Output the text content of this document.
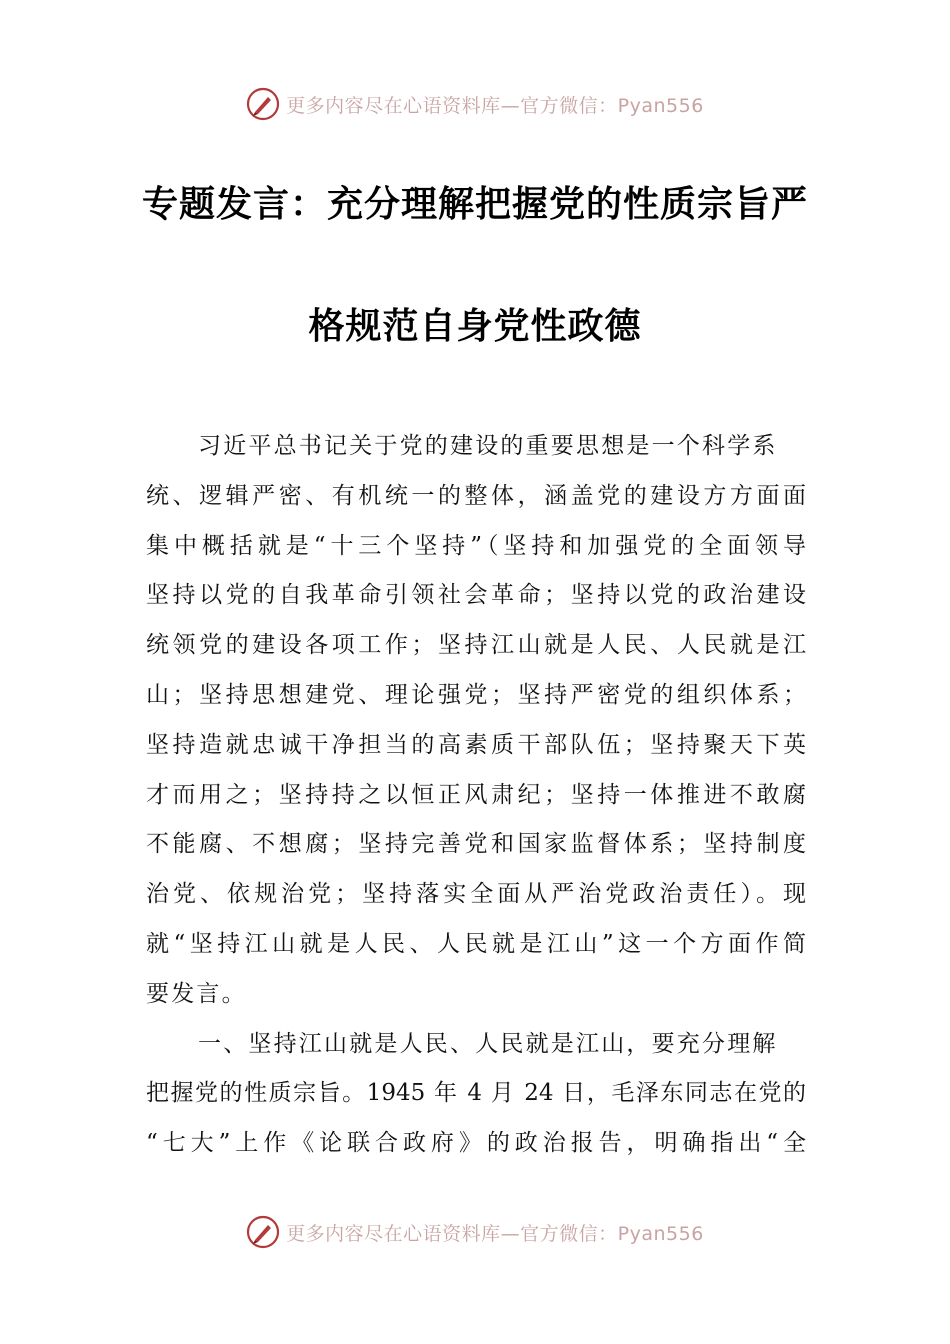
更多内容尽在心语资料库—官方微信：Pyan556
专题发言：充分理解把握党的性质宗旨严
格规范自身党性政德
习近平总书记关于党的建设的重要思想是一个科学系
统、逻辑严密、有机统一的整体，涵盖党的建设方方面面
集中概括就是“十三个坚持”（坚持和加强党的全面领导
坚持以党的自我革命引领社会革命；坚持以党的政治建设
统领党的建设各项工作；坚持江山就是人民、人民就是江
山；坚持思想建党、理论强党；坚持严密党的组织体系；
坚持造就忠诚干净担当的高素质干部队伍；坚持聚天下英
才而用之；坚持持之以恒正风肃纪；坚持一体推进不敢腐
不能腐、不想腐；坚持完善党和国家监督体系；坚持制度
治党、依规治党；坚持落实全面从严治党政治责任）。现
就“坚持江山就是人民、人民就是江山”这一个方面作简
要发言。
一、坚持江山就是人民、人民就是江山，要充分理解
把握党的性质宗旨。1945 年 4 月 24 日，毛泽东同志在党的
“七大”上作《论联合政府》的政治报告，明确指出“全
更多内容尽在心语资料库—官方微信：Pyan556
